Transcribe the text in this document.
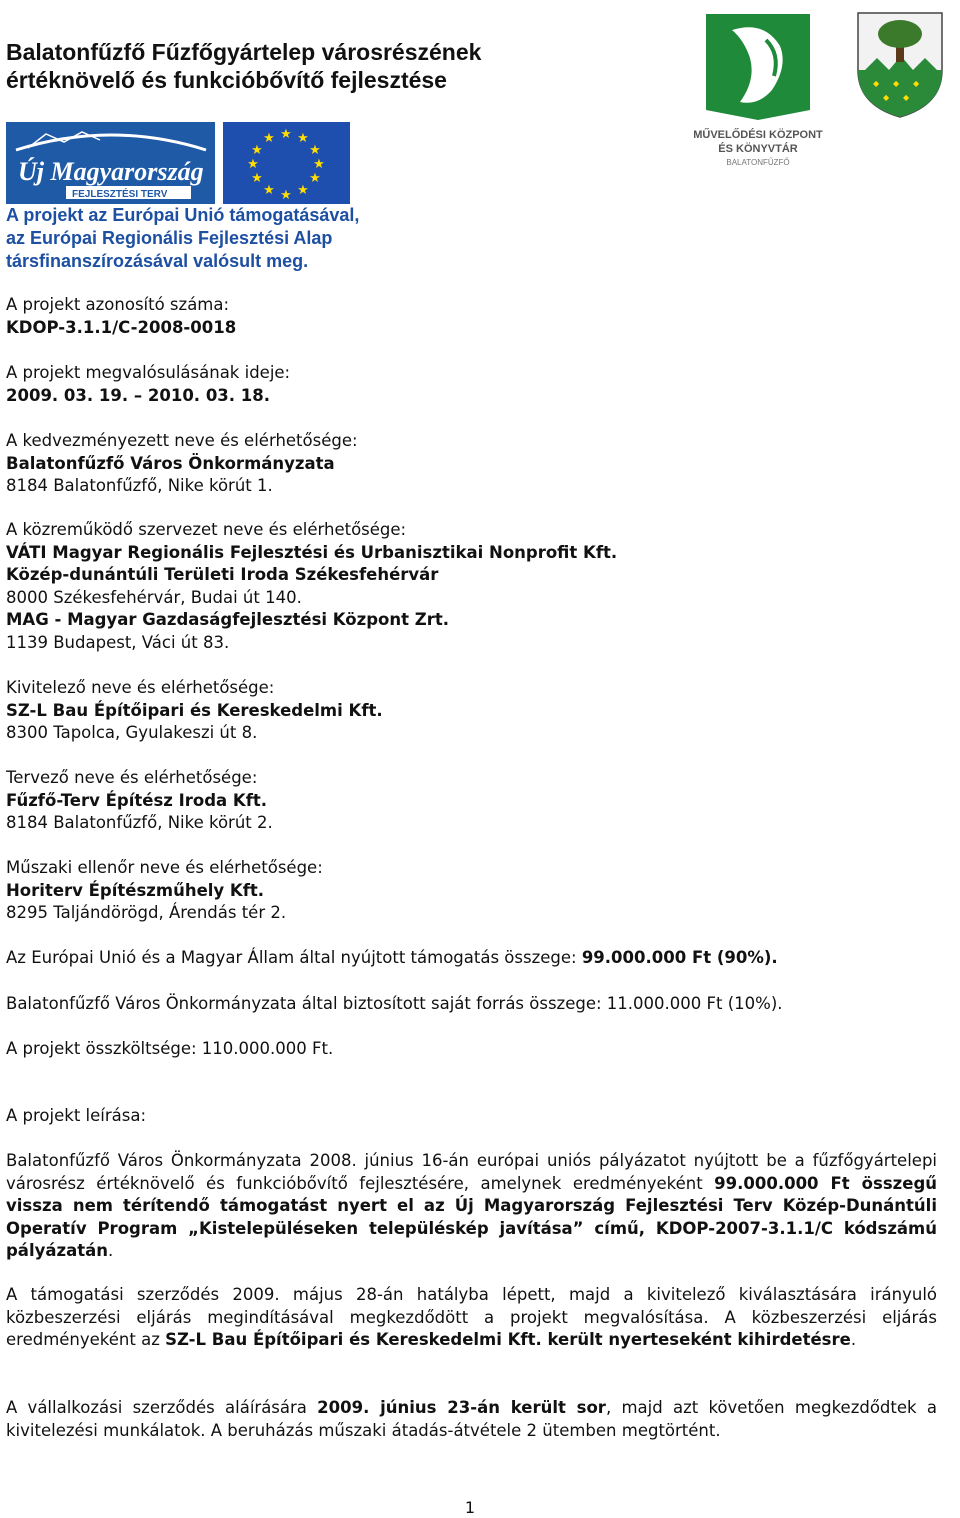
Balatonfűzfő Fűzfőgyártelep városrészének
értéknövelő és funkcióbővítő fejlesztése
Új Magyarország
FEJLESZTÉSI TERV
★ ★
★
★
★
★
★
★
★
★
★
★	MŰVELŐDÉSI KÖZPONT
ÉS KÖNYVTÁR
BALATONFŰZFŐ
◆ ◆ ◆
◆ ◆
A projekt az Európai Unió támogatásával,
az Európai Regionális Fejlesztési Alap
társfinanszírozásával valósult meg.
A projekt azonosító száma:
KDOP-3.1.1/C-2008-0018
A projekt megvalósulásának ideje:
2009. 03. 19. – 2010. 03. 18.
A kedvezményezett neve és elérhetősége:
Balatonfűzfő Város Önkormányzata
8184 Balatonfűzfő, Nike körút 1.
A közreműködő szervezet neve és elérhetősége:
VÁTI Magyar Regionális Fejlesztési és Urbanisztikai Nonprofit Kft.
Közép-dunántúli Területi Iroda Székesfehérvár
8000 Székesfehérvár, Budai út 140.
MAG - Magyar Gazdaságfejlesztési Központ Zrt.
1139 Budapest, Váci út 83.
Kivitelező neve és elérhetősége:
SZ-L Bau Építőipari és Kereskedelmi Kft.
8300 Tapolca, Gyulakeszi út 8.
Tervező neve és elérhetősége:
Fűzfő-Terv Építész Iroda Kft.
8184 Balatonfűzfő, Nike körút 2.
Műszaki ellenőr neve és elérhetősége:
Horiterv Építészműhely Kft.
8295 Taljándörögd, Árendás tér 2.
Az Európai Unió és a Magyar Állam által nyújtott támogatás összege: 99.000.000 Ft (90%).
Balatonfűzfő Város Önkormányzata által biztosított saját forrás összege: 11.000.000 Ft (10%).
A projekt összköltsége: 110.000.000 Ft.
A projekt leírása:
Balatonfűzfő Város Önkormányzata 2008. június 16-án európai uniós pályázatot nyújtott be a fűzfőgyártelepi városrész értéknövelő és funkcióbővítő fejlesztésére, amelynek eredményeként 99.000.000 Ft összegű vissza nem térítendő támogatást nyert el az Új Magyarország Fejlesztési Terv Közép-Dunántúli Operatív Program „Kistelepüléseken településkép javítása” című, KDOP-2007-3.1.1/C kódszámú pályázatán.
A támogatási szerződés 2009. május 28-án hatályba lépett, majd a kivitelező kiválasztására irányuló közbeszerzési eljárás megindításával megkezdődött a projekt megvalósítása. A közbeszerzési eljárás eredményeként az SZ-L Bau Építőipari és Kereskedelmi Kft. került nyerteseként kihirdetésre.
A vállalkozási szerződés aláírására 2009. június 23-án került sor, majd azt követően megkezdődtek a kivitelezési munkálatok. A beruházás műszaki átadás-átvétele 2 ütemben megtörtént.
1
